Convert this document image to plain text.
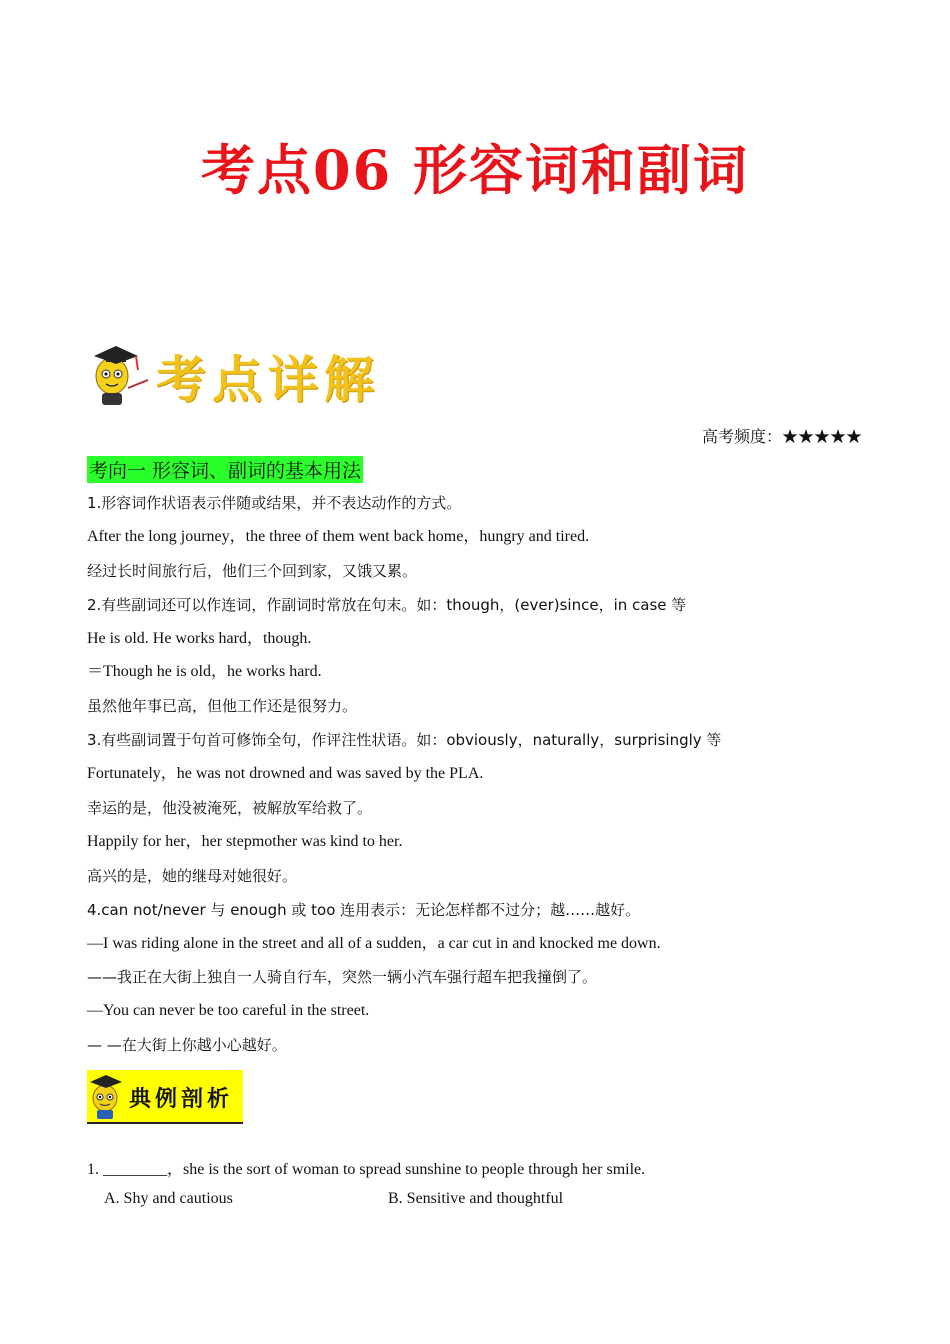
考点06 形容词和副词
考点详解
高考频度：★★★★★
考向一 形容词、副词的基本用法
1.形容词作状语表示伴随或结果，并不表达动作的方式。
After the long journey，the three of them went back home，hungry and tired.
经过长时间旅行后，他们三个回到家，又饿又累。
2.有些副词还可以作连词，作副词时常放在句末。如：though，(ever)since，in case 等
He is old. He works hard，though.
＝Though he is old，he works hard.
虽然他年事已高，但他工作还是很努力。
3.有些副词置于句首可修饰全句，作评注性状语。如：obviously，naturally，surprisingly 等
Fortunately，he was not drowned and was saved by the PLA.
幸运的是，他没被淹死，被解放军给救了。
Happily for her，her stepmother was kind to her.
高兴的是，她的继母对她很好。
4.can not/never 与 enough 或 too 连用表示：无论怎样都不过分；越……越好。
—I was riding alone in the street and all of a sudden，a car cut in and knocked me down.
——我正在大街上独自一人骑自行车，突然一辆小汽车强行超车把我撞倒了。
—You can never be too careful in the street.
— —在大街上你越小心越好。
典例剖析
1. ________，she is the sort of woman to spread sunshine to people through her smile.
A. Shy and cautious	B. Sensitive and thoughtful
